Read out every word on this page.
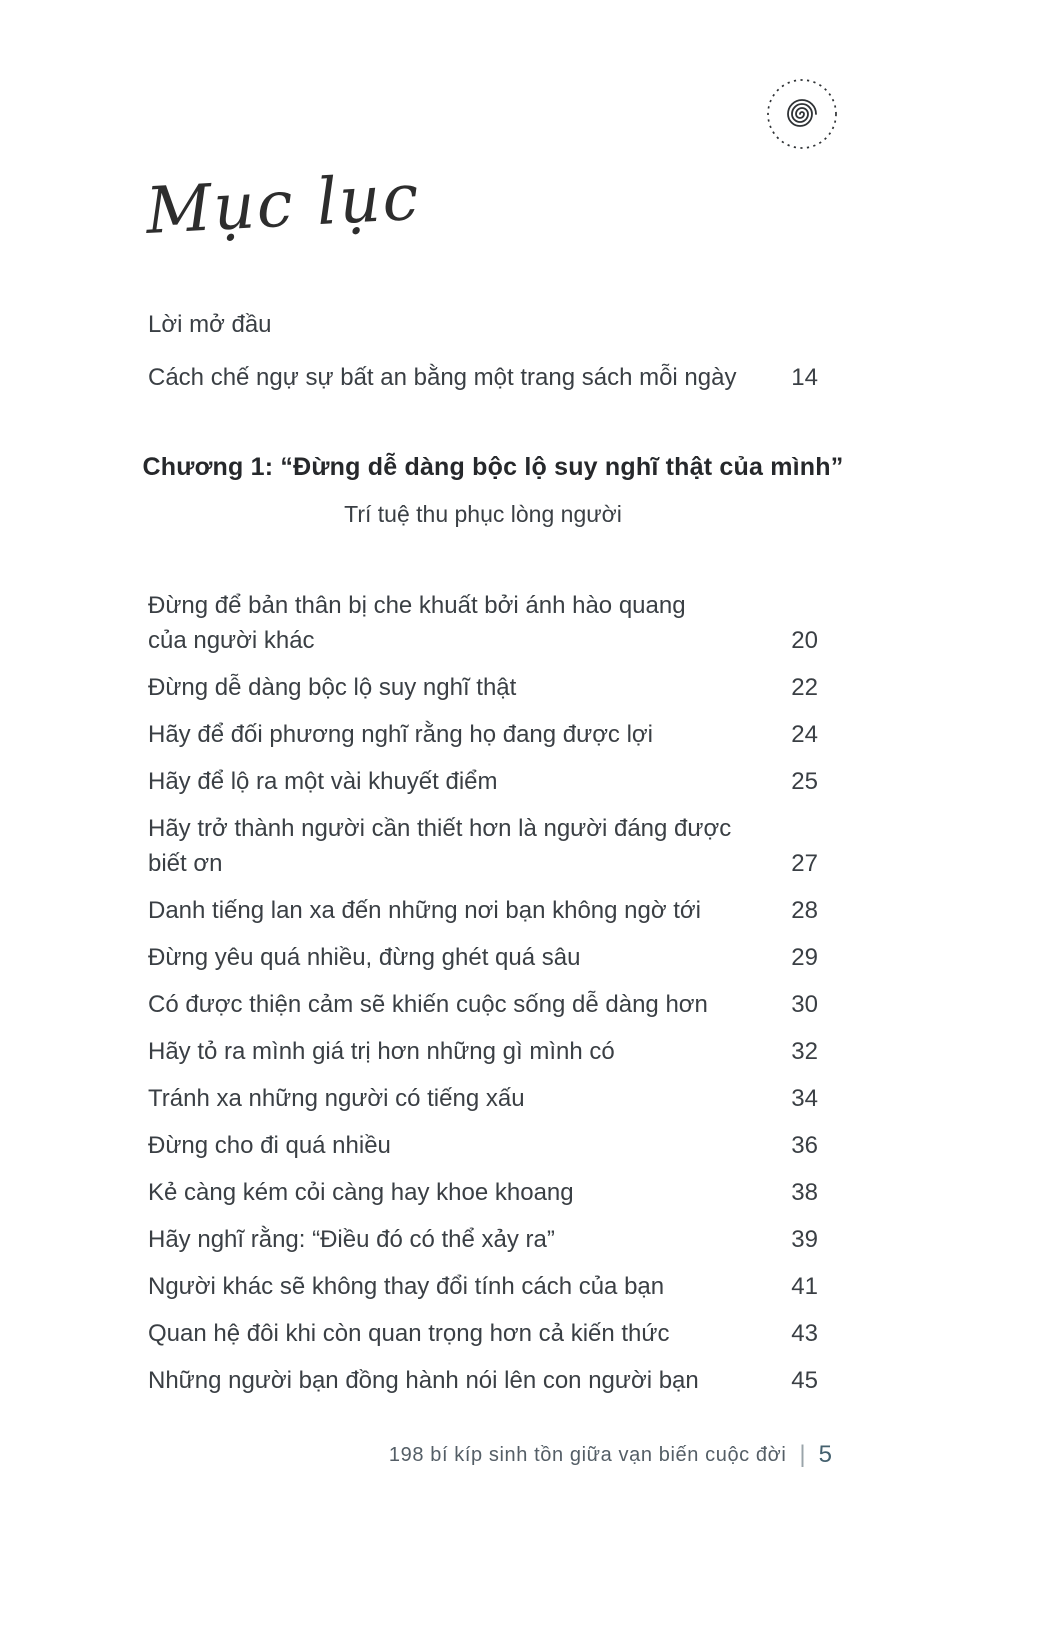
Mục lục
Lời mở đầu
Cách chế ngự sự bất an bằng một trang sách mỗi ngày	14
Chương 1: “Đừng dễ dàng bộc lộ suy nghĩ thật của mình”
Trí tuệ thu phục lòng người
Đừng để bản thân bị che khuất bởi ánh hào quang
của người khác	20
Đừng dễ dàng bộc lộ suy nghĩ thật	22
Hãy để đối phương nghĩ rằng họ đang được lợi	24
Hãy để lộ ra một vài khuyết điểm	25
Hãy trở thành người cần thiết hơn là người đáng được biết ơn	27
Danh tiếng lan xa đến những nơi bạn không ngờ tới	28
Đừng yêu quá nhiều, đừng ghét quá sâu	29
Có được thiện cảm sẽ khiến cuộc sống dễ dàng hơn	30
Hãy tỏ ra mình giá trị hơn những gì mình có	32
Tránh xa những người có tiếng xấu	34
Đừng cho đi quá nhiều	36
Kẻ càng kém cỏi càng hay khoe khoang	38
Hãy nghĩ rằng: “Điều đó có thể xảy ra”	39
Người khác sẽ không thay đổi tính cách của bạn	41
Quan hệ đôi khi còn quan trọng hơn cả kiến thức	43
Những người bạn đồng hành nói lên con người bạn	45
198 bí kíp sinh tồn giữa vạn biến cuộc đời | 5
